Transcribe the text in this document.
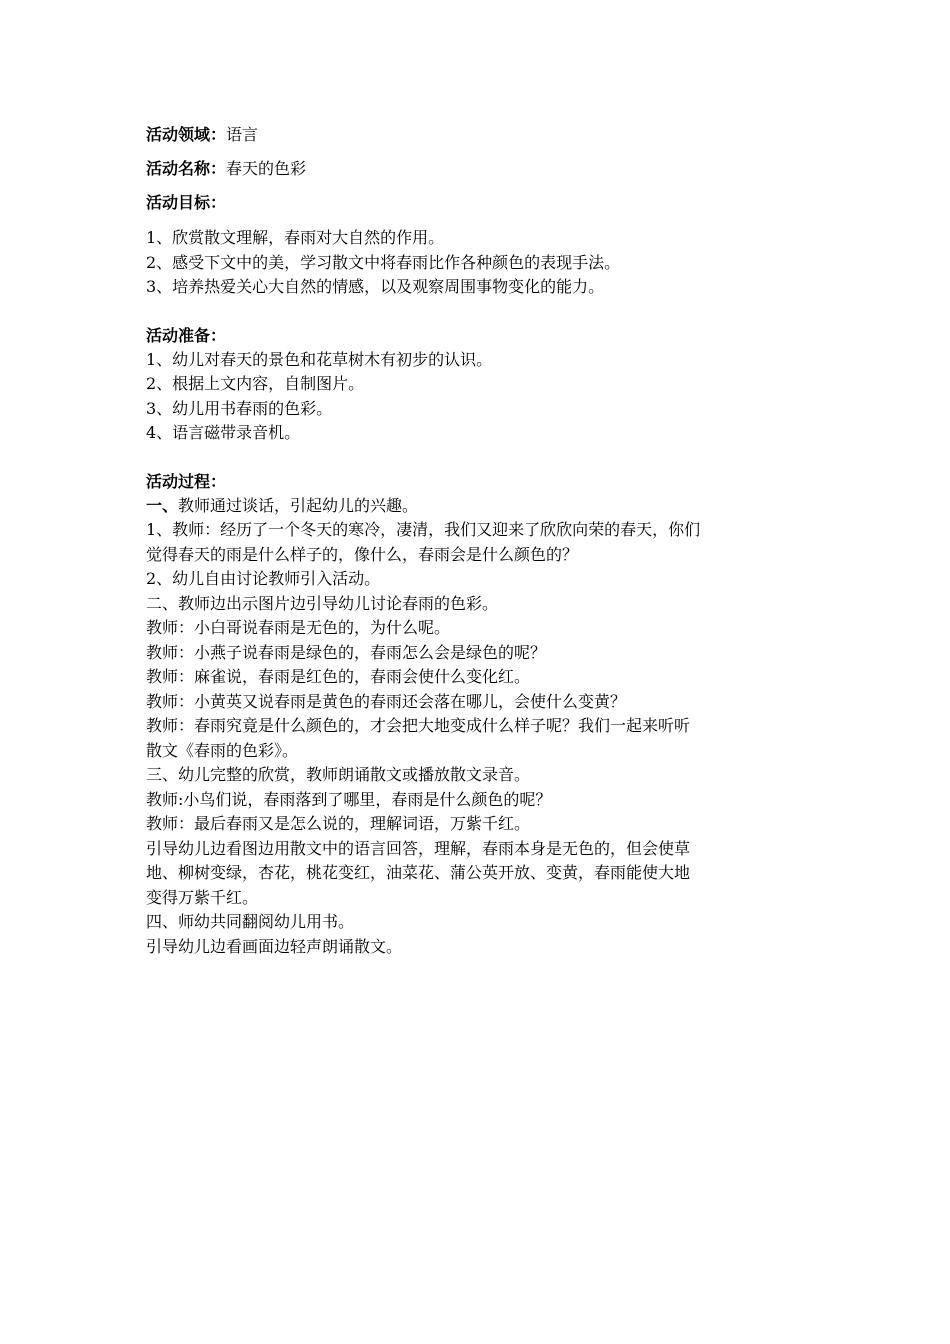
活动领域：语言
活动名称：春天的色彩
活动目标：
1、欣赏散文理解，春雨对大自然的作用。
2、感受下文中的美，学习散文中将春雨比作各种颜色的表现手法。
3、培养热爱关心大自然的情感，以及观察周围事物变化的能力。
活动准备：
1、幼儿对春天的景色和花草树木有初步的认识。
2、根据上文内容，自制图片。
3、幼儿用书春雨的色彩。
4、语言磁带录音机。
活动过程：
一、教师通过谈话，引起幼儿的兴趣。
1、教师：经历了一个冬天的寒冷，凄清，我们又迎来了欣欣向荣的春天，你们
觉得春天的雨是什么样子的，像什么，春雨会是什么颜色的？
2、幼儿自由讨论教师引入活动。
二、教师边出示图片边引导幼儿讨论春雨的色彩。
教师：小白哥说春雨是无色的，为什么呢。
教师：小燕子说春雨是绿色的，春雨怎么会是绿色的呢？
教师：麻雀说，春雨是红色的，春雨会使什么变化红。
教师：小黄英又说春雨是黄色的春雨还会落在哪儿，会使什么变黄？
教师：春雨究竟是什么颜色的，才会把大地变成什么样子呢？我们一起来听听
散文《春雨的色彩》。
三、幼儿完整的欣赏，教师朗诵散文或播放散文录音。
教师:小鸟们说，春雨落到了哪里，春雨是什么颜色的呢？
教师：最后春雨又是怎么说的，理解词语，万紫千红。
引导幼儿边看图边用散文中的语言回答，理解，春雨本身是无色的，但会使草
地、柳树变绿，杏花，桃花变红，油菜花、蒲公英开放、变黄，春雨能使大地
变得万紫千红。
四、师幼共同翻阅幼儿用书。
引导幼儿边看画面边轻声朗诵散文。
